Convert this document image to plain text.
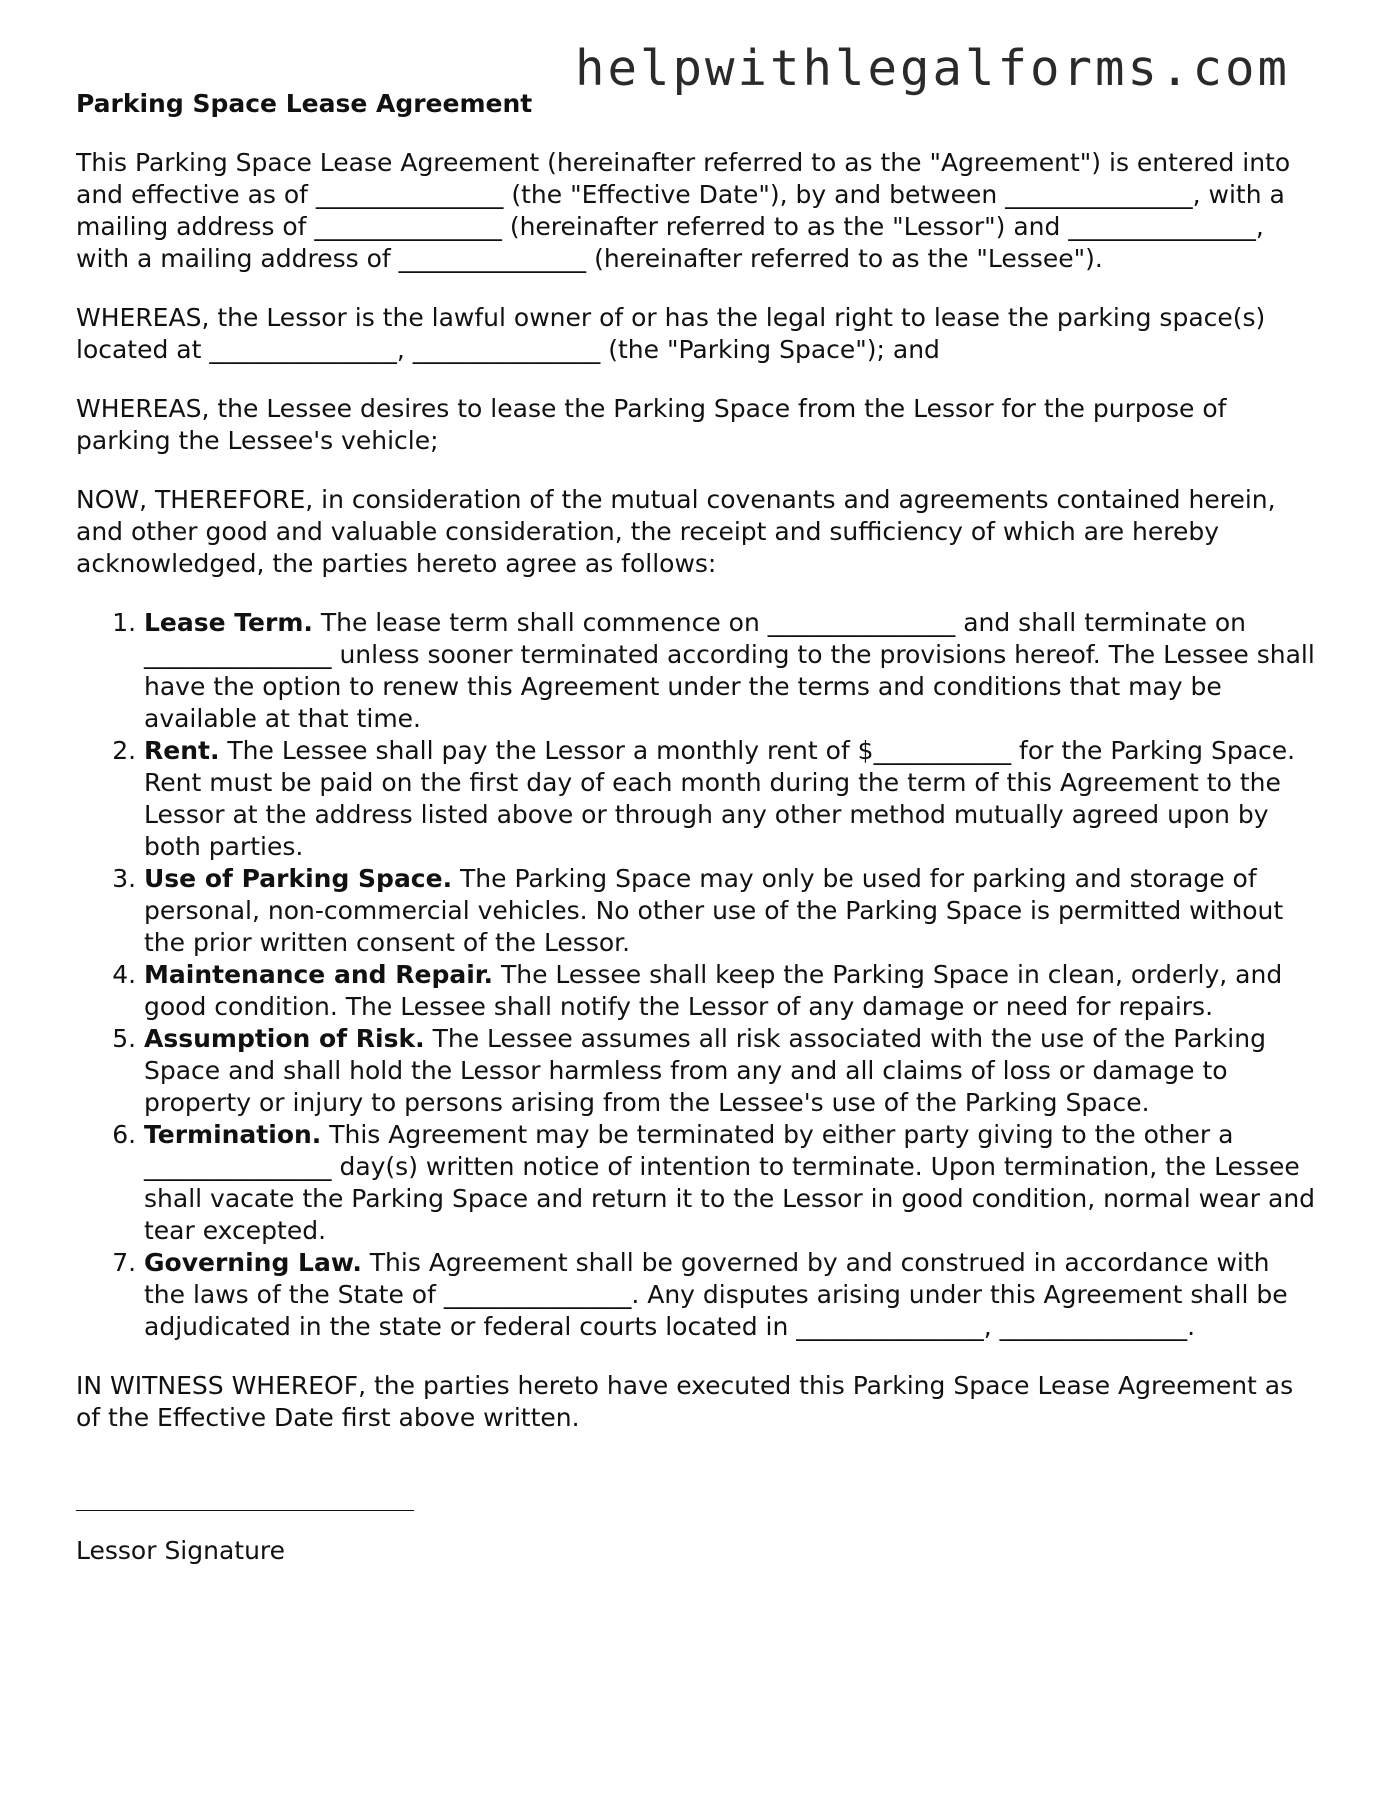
helpwithlegalforms.com
Parking Space Lease Agreement
This Parking Space Lease Agreement (hereinafter referred to as the "Agreement") is entered into and effective as of _______________ (the "Effective Date"), by and between _______________, with a mailing address of _______________ (hereinafter referred to as the "Lessor") and _______________, with a mailing address of _______________ (hereinafter referred to as the "Lessee").
WHEREAS, the Lessor is the lawful owner of or has the legal right to lease the parking space(s) located at _______________, _______________ (the "Parking Space"); and
WHEREAS, the Lessee desires to lease the Parking Space from the Lessor for the purpose of parking the Lessee's vehicle;
NOW, THEREFORE, in consideration of the mutual covenants and agreements contained herein, and other good and valuable consideration, the receipt and sufficiency of which are hereby acknowledged, the parties hereto agree as follows:
1. Lease Term. The lease term shall commence on _______________ and shall terminate on _______________ unless sooner terminated according to the provisions hereof. The Lessee shall have the option to renew this Agreement under the terms and conditions that may be available at that time.
2. Rent. The Lessee shall pay the Lessor a monthly rent of $___________ for the Parking Space. Rent must be paid on the first day of each month during the term of this Agreement to the Lessor at the address listed above or through any other method mutually agreed upon by both parties.
3. Use of Parking Space. The Parking Space may only be used for parking and storage of personal, non-commercial vehicles. No other use of the Parking Space is permitted without the prior written consent of the Lessor.
4. Maintenance and Repair. The Lessee shall keep the Parking Space in clean, orderly, and good condition. The Lessee shall notify the Lessor of any damage or need for repairs.
5. Assumption of Risk. The Lessee assumes all risk associated with the use of the Parking Space and shall hold the Lessor harmless from any and all claims of loss or damage to property or injury to persons arising from the Lessee's use of the Parking Space.
6. Termination. This Agreement may be terminated by either party giving to the other a _______________ day(s) written notice of intention to terminate. Upon termination, the Lessee shall vacate the Parking Space and return it to the Lessor in good condition, normal wear and tear excepted.
7. Governing Law. This Agreement shall be governed by and construed in accordance with the laws of the State of _______________. Any disputes arising under this Agreement shall be adjudicated in the state or federal courts located in _______________, _______________.
IN WITNESS WHEREOF, the parties hereto have executed this Parking Space Lease Agreement as of the Effective Date first above written.
Lessor Signature
